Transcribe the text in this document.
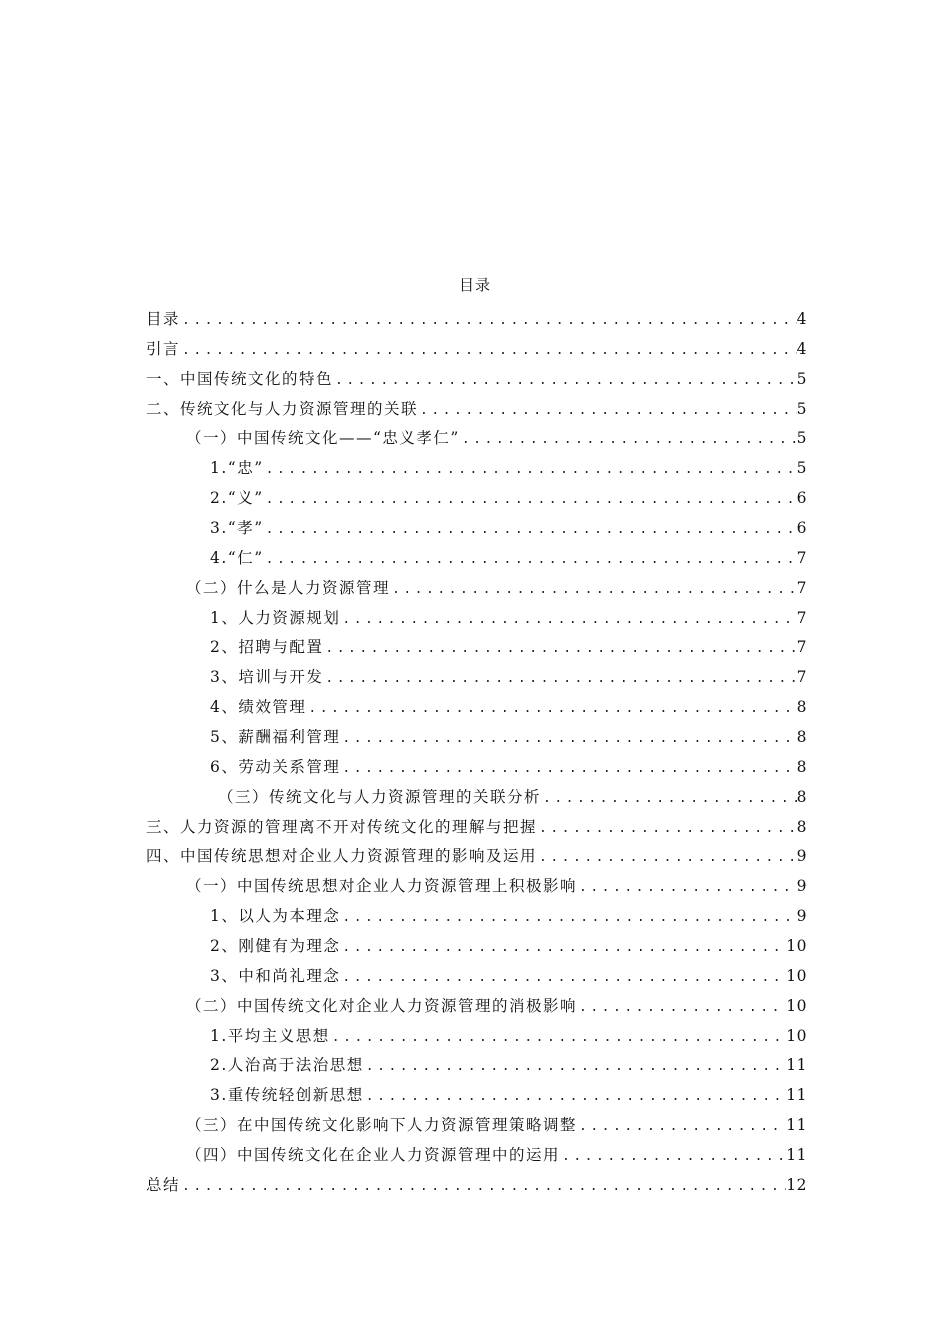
目录
目录 .....	4
引言 .....	4
一、中国传统文化的特色 .....	5
二、传统文化与人力资源管理的关联 .....	5
（一）中国传统文化——“忠义孝仁” .....	5
1.“忠” .....	5
2.“义” .....	6
3.“孝” .....	6
4.“仁” .....	7
（二）什么是人力资源管理 .....	7
1、人力资源规划 .....	7
2、招聘与配置 .....	7
3、培训与开发 .....	7
4、绩效管理 .....	8
5、薪酬福利管理 .....	8
6、劳动关系管理 .....	8
（三）传统文化与人力资源管理的关联分析 .....	8
三、人力资源的管理离不开对传统文化的理解与把握 .....	8
四、中国传统思想对企业人力资源管理的影响及运用 .....	9
（一）中国传统思想对企业人力资源管理上积极影响 .....	9
1、以人为本理念 .....	9
2、刚健有为理念 .....	10
3、中和尚礼理念 .....	10
（二）中国传统文化对企业人力资源管理的消极影响 .....	10
1.平均主义思想 .....	10
2.人治高于法治思想 .....	11
3.重传统轻创新思想 .....	11
（三）在中国传统文化影响下人力资源管理策略调整 .....	11
（四）中国传统文化在企业人力资源管理中的运用 .....	11
总结 .....	12
